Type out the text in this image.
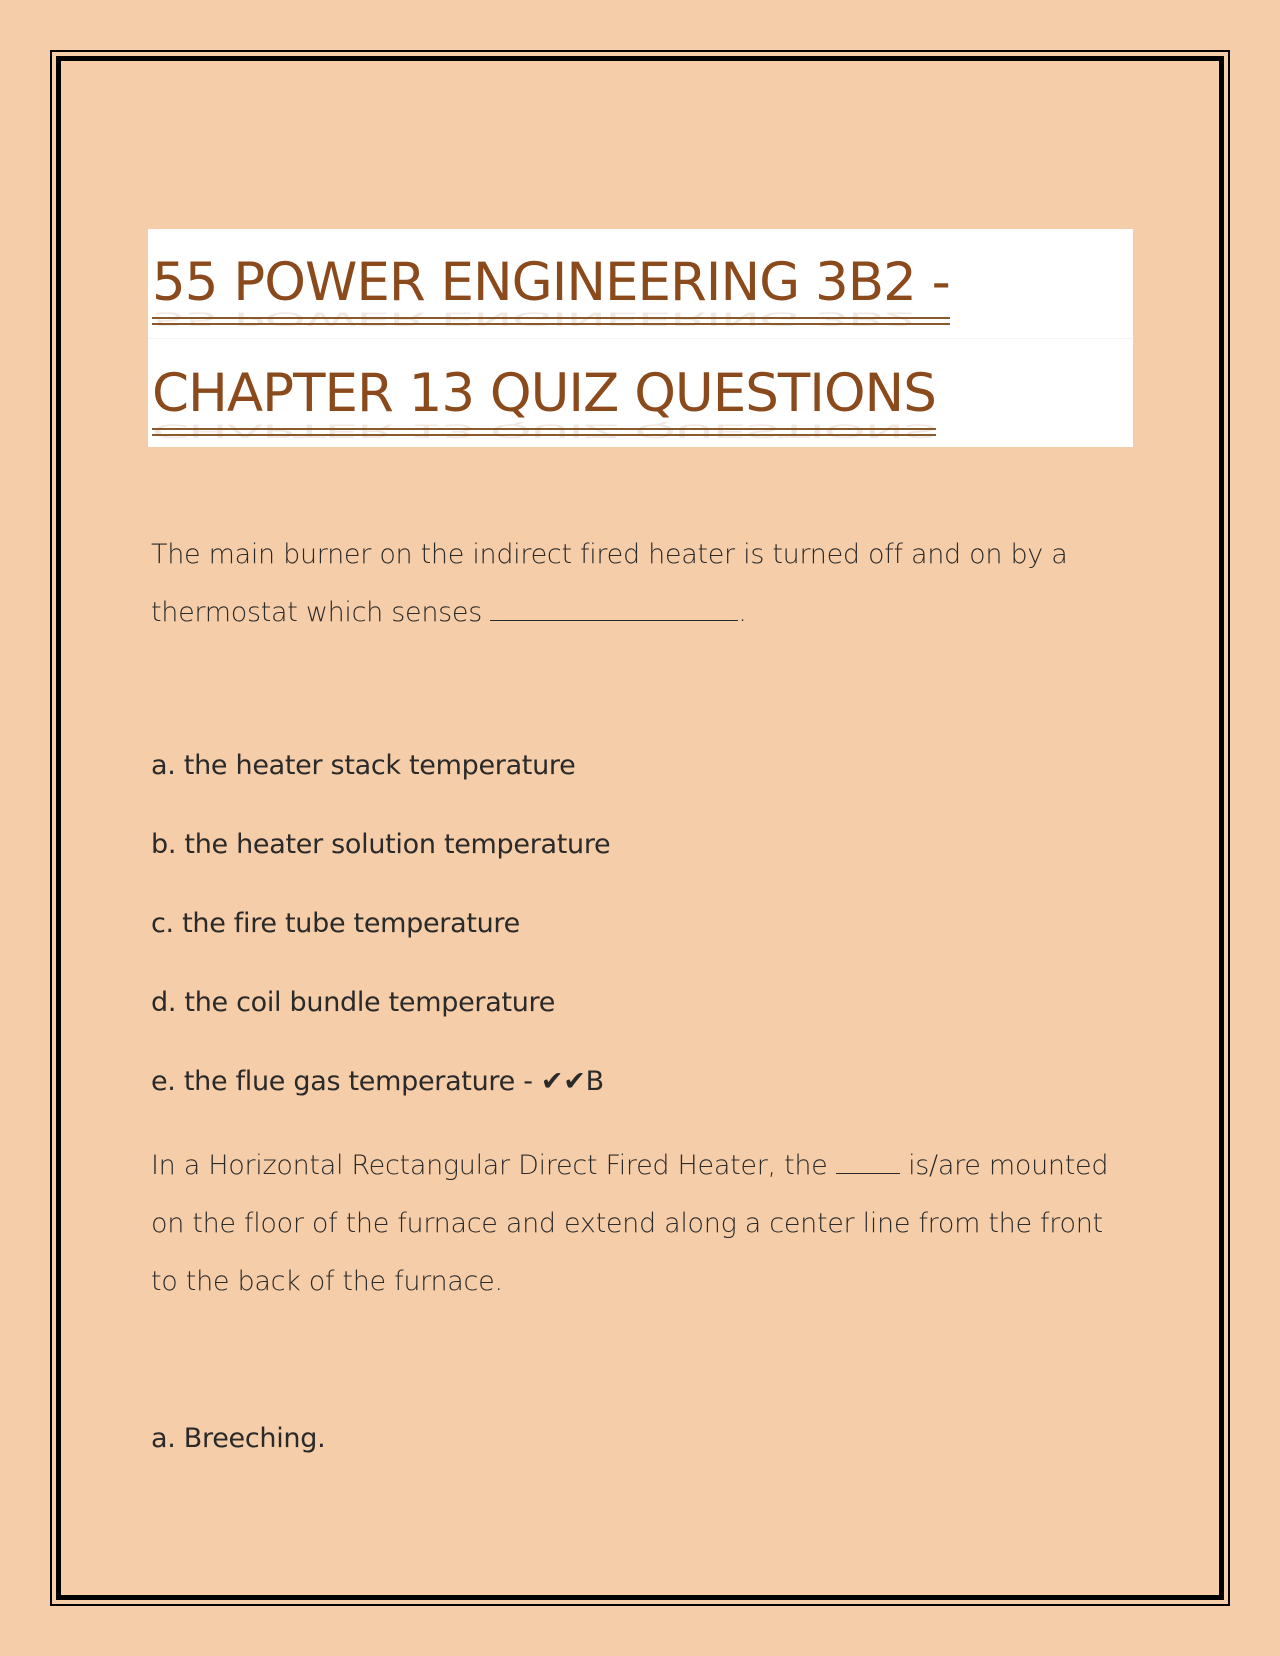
55 POWER ENGINEERING 3B2 -
55 POWER ENGINEERING 3B2 -
CHAPTER 13 QUIZ QUESTIONS
CHAPTER 13 QUIZ QUESTIONS
The main burner on the indirect fired heater is turned off and on by a thermostat which senses	.
a. the heater stack temperature
b. the heater solution temperature
c. the fire tube temperature
d. the coil bundle temperature
e. the flue gas temperature - ✔✔B
In a Horizontal Rectangular Direct Fired Heater, the  is/are mounted on the floor of the furnace and extend along a center line from the front to the back of the furnace.
a. Breeching.
